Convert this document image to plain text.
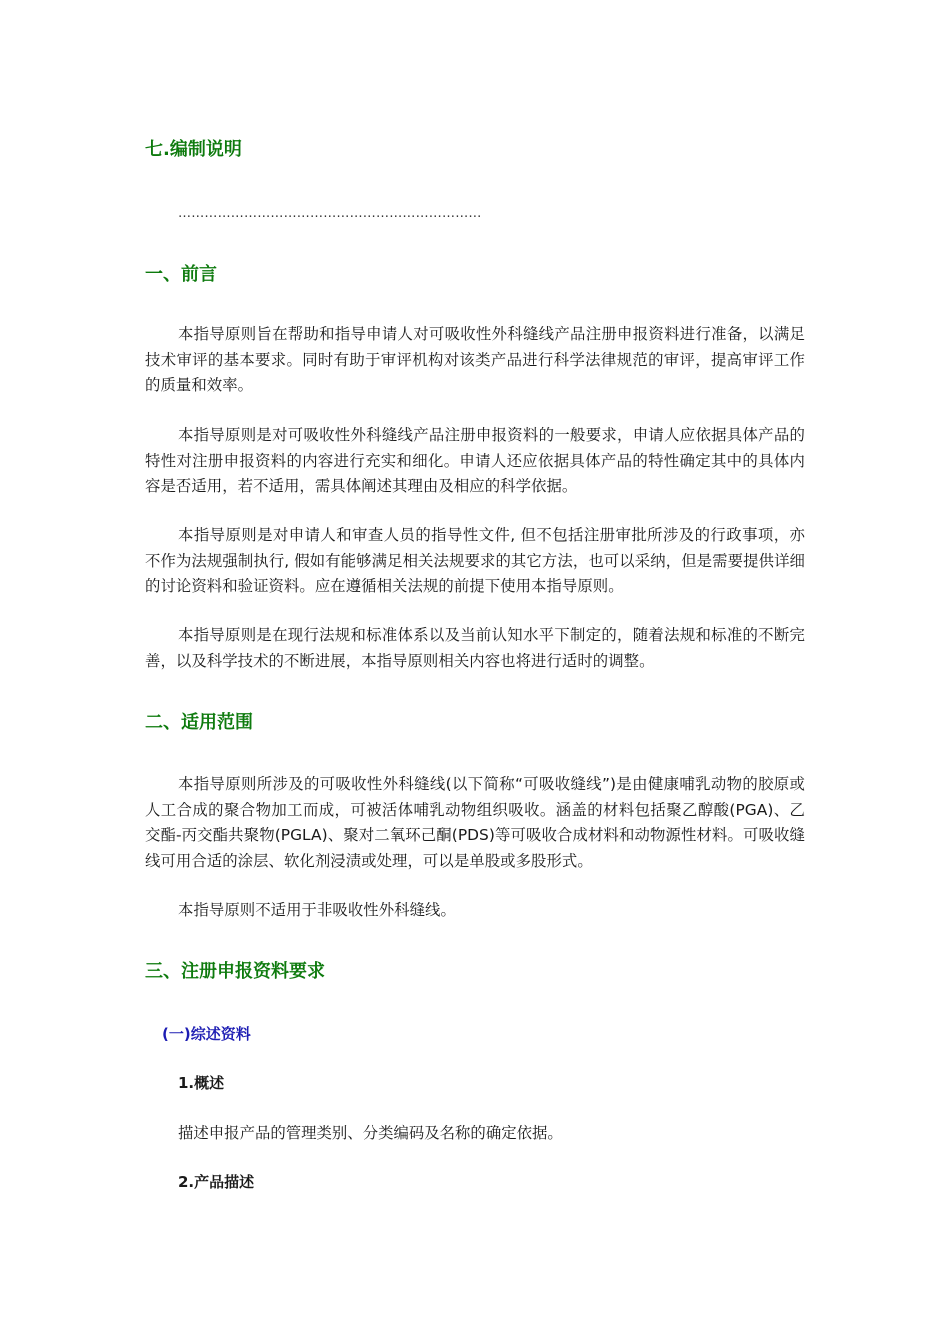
七.编制说明
……………………………………………………………
一、前言

本指导原则旨在帮助和指导申请人对可吸收性外科缝线产品注册申报资料进行准备，以满足技术审评的基本要求。同时有助于审评机构对该类产品进行科学法律规范的审评，提高审评工作的质量和效率。

本指导原则是对可吸收性外科缝线产品注册申报资料的一般要求，申请人应依据具体产品的特性对注册申报资料的内容进行充实和细化。申请人还应依据具体产品的特性确定其中的具体内容是否适用，若不适用，需具体阐述其理由及相应的科学依据。

本指导原则是对申请人和审查人员的指导性文件, 但不包括注册审批所涉及的行政事项，亦不作为法规强制执行, 假如有能够满足相关法规要求的其它方法，也可以采纳，但是需要提供详细的讨论资料和验证资料。应在遵循相关法规的前提下使用本指导原则。

本指导原则是在现行法规和标准体系以及当前认知水平下制定的，随着法规和标准的不断完善，以及科学技术的不断进展，本指导原则相关内容也将进行适时的调整。

二、适用范围

本指导原则所涉及的可吸收性外科缝线(以下简称“可吸收缝线”)是由健康哺乳动物的胶原或人工合成的聚合物加工而成，可被活体哺乳动物组织吸收。涵盖的材料包括聚乙醇酸(PGA)、乙交酯-丙交酯共聚物(PGLA)、聚对二氧环己酮(PDS)等可吸收合成材料和动物源性材料。可吸收缝线可用合适的涂层、软化剂浸渍或处理，可以是单股或多股形式。

本指导原则不适用于非吸收性外科缝线。

三、注册申报资料要求
(一)综述资料
1.概述

描述申报产品的管理类别、分类编码及名称的确定依据。

2.产品描述
